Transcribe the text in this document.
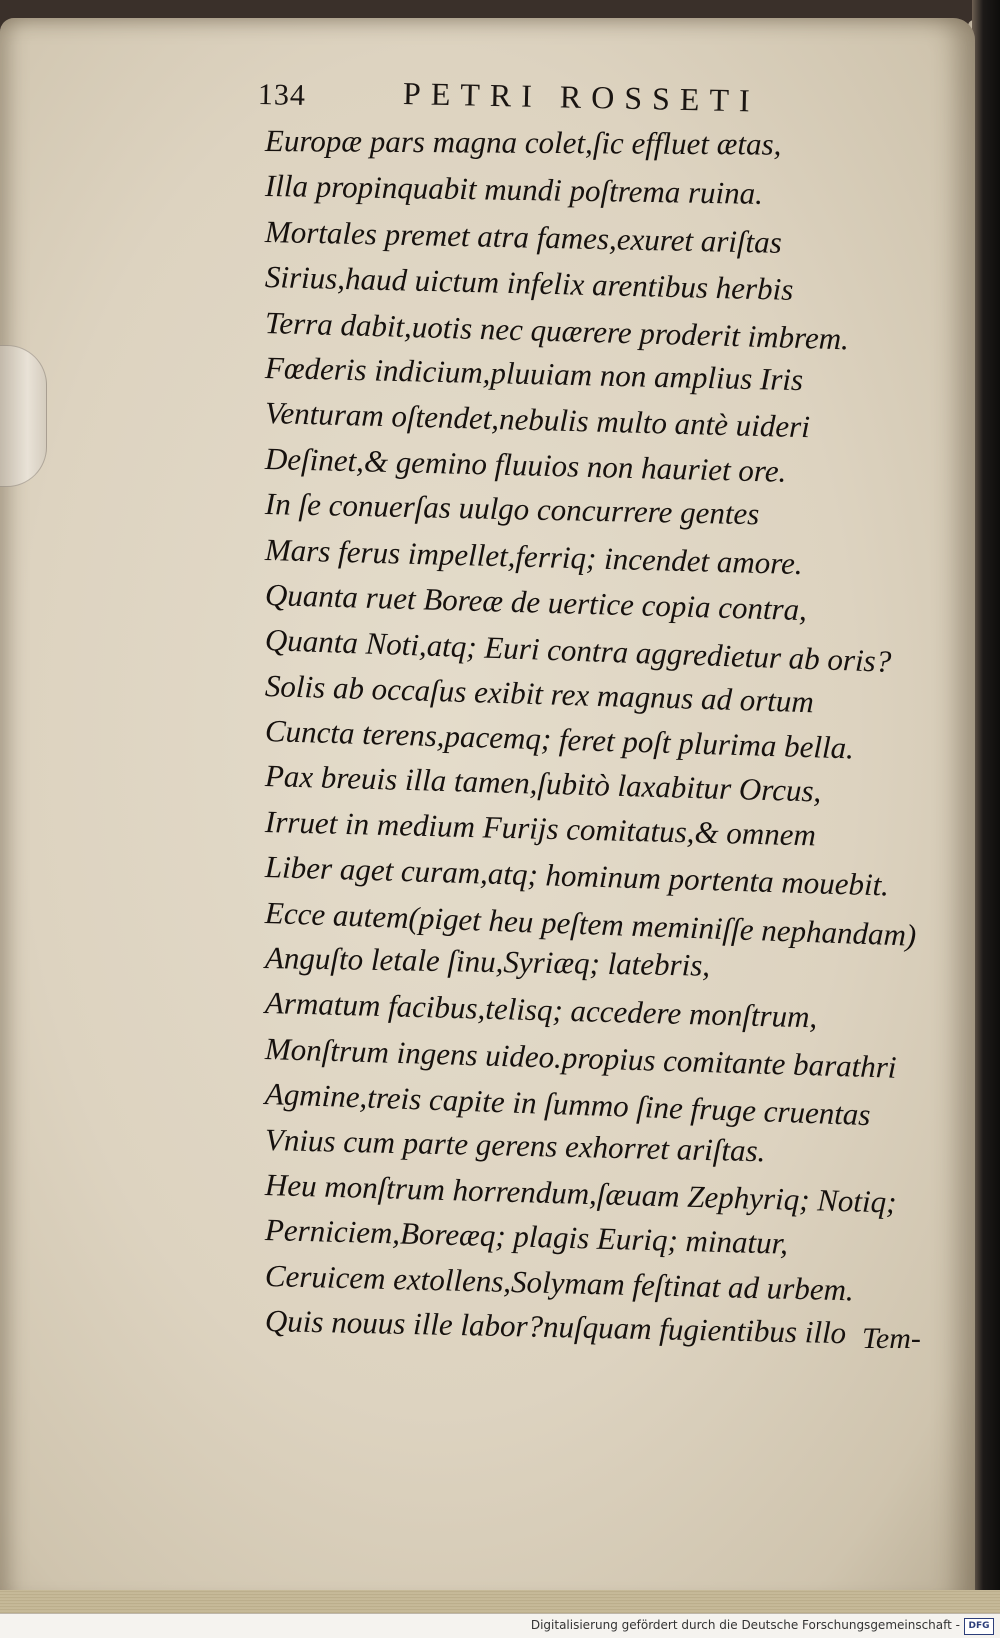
134	PETRI ROSSETI
Europæ pars magna colet,ſic effluet ætas,
Illa propinquabit mundi poſtrema ruina.
Mortales premet atra fames,exuret ariſtas
Sirius,haud uictum infelix arentibus herbis
Terra dabit,uotis nec quærere proderit imbrem.
Fœderis indicium,pluuiam non amplius Iris
Venturam oſtendet,nebulis multo antè uideri
Deſinet,& gemino fluuios non hauriet ore.
In ſe conuerſas uulgo concurrere gentes
Mars ferus impellet,ferriq; incendet amore.
Quanta ruet Boreæ de uertice copia contra,
Quanta Noti,atq; Euri contra aggredietur ab oris?
Solis ab occaſus exibit rex magnus ad ortum
Cuncta terens,pacemq; feret poſt plurima bella.
Pax breuis illa tamen,ſubitò laxabitur Orcus,
Irruet in medium Furijs comitatus,& omnem
Liber aget curam,atq; hominum portenta mouebit.
Ecce autem(piget heu peſtem meminiſſe nephandam)
Anguſto letale ſinu,Syriæq; latebris,
Armatum facibus,telisq; accedere monſtrum,
Monſtrum ingens uideo.propius comitante barathri
Agmine,treis capite in ſummo ſine fruge cruentas
Vnius cum parte gerens exhorret ariſtas.
Heu monſtrum horrendum,ſæuam Zephyriq; Notiq;
Perniciem,Boreæq; plagis Euriq; minatur,
Ceruicem extollens,Solymam feſtinat ad urbem.
Quis nouus ille labor?nuſquam fugientibus illo Tem-
Digitalisierung gefördert durch die Deutsche Forschungsgemeinschaft - DFG
